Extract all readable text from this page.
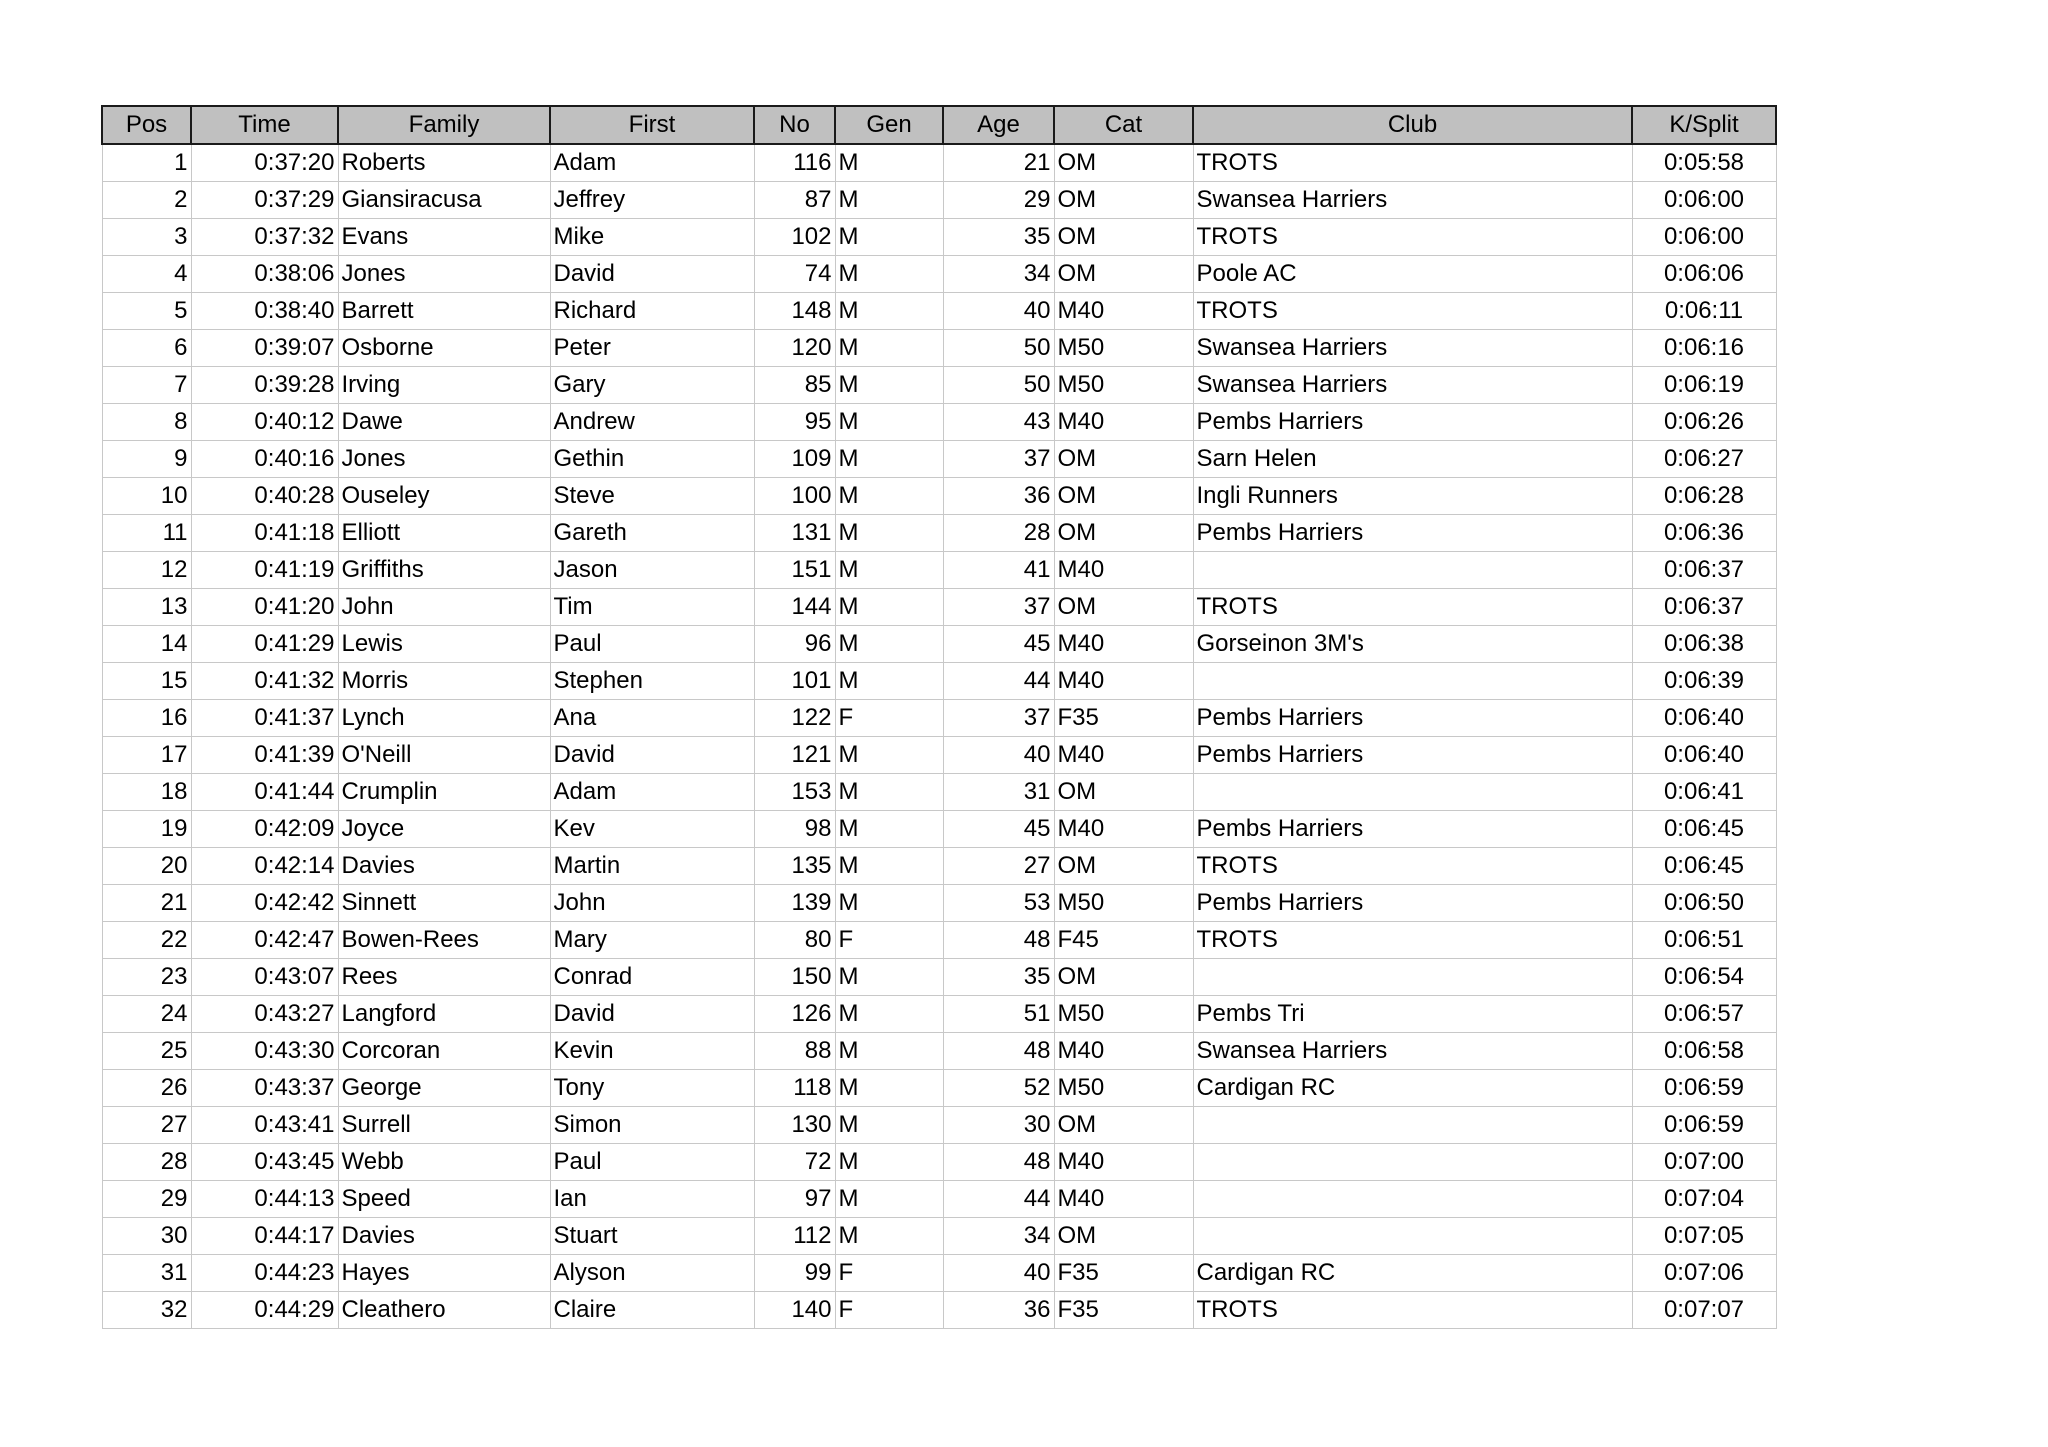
Pos	Time	Family	First	No	Gen	Age	Cat	Club	K/Split
1	0:37:20	Roberts	Adam	116	M	21	OM	TROTS	0:05:58
2	0:37:29	Giansiracusa	Jeffrey	87	M	29	OM	Swansea Harriers	0:06:00
3	0:37:32	Evans	Mike	102	M	35	OM	TROTS	0:06:00
4	0:38:06	Jones	David	74	M	34	OM	Poole AC	0:06:06
5	0:38:40	Barrett	Richard	148	M	40	M40	TROTS	0:06:11
6	0:39:07	Osborne	Peter	120	M	50	M50	Swansea Harriers	0:06:16
7	0:39:28	Irving	Gary	85	M	50	M50	Swansea Harriers	0:06:19
8	0:40:12	Dawe	Andrew	95	M	43	M40	Pembs Harriers	0:06:26
9	0:40:16	Jones	Gethin	109	M	37	OM	Sarn Helen	0:06:27
10	0:40:28	Ouseley	Steve	100	M	36	OM	Ingli Runners	0:06:28
11	0:41:18	Elliott	Gareth	131	M	28	OM	Pembs Harriers	0:06:36
12	0:41:19	Griffiths	Jason	151	M	41	M40		0:06:37
13	0:41:20	John	Tim	144	M	37	OM	TROTS	0:06:37
14	0:41:29	Lewis	Paul	96	M	45	M40	Gorseinon 3M's	0:06:38
15	0:41:32	Morris	Stephen	101	M	44	M40		0:06:39
16	0:41:37	Lynch	Ana	122	F	37	F35	Pembs Harriers	0:06:40
17	0:41:39	O'Neill	David	121	M	40	M40	Pembs Harriers	0:06:40
18	0:41:44	Crumplin	Adam	153	M	31	OM		0:06:41
19	0:42:09	Joyce	Kev	98	M	45	M40	Pembs Harriers	0:06:45
20	0:42:14	Davies	Martin	135	M	27	OM	TROTS	0:06:45
21	0:42:42	Sinnett	John	139	M	53	M50	Pembs Harriers	0:06:50
22	0:42:47	Bowen-Rees	Mary	80	F	48	F45	TROTS	0:06:51
23	0:43:07	Rees	Conrad	150	M	35	OM		0:06:54
24	0:43:27	Langford	David	126	M	51	M50	Pembs Tri	0:06:57
25	0:43:30	Corcoran	Kevin	88	M	48	M40	Swansea Harriers	0:06:58
26	0:43:37	George	Tony	118	M	52	M50	Cardigan RC	0:06:59
27	0:43:41	Surrell	Simon	130	M	30	OM		0:06:59
28	0:43:45	Webb	Paul	72	M	48	M40		0:07:00
29	0:44:13	Speed	Ian	97	M	44	M40		0:07:04
30	0:44:17	Davies	Stuart	112	M	34	OM		0:07:05
31	0:44:23	Hayes	Alyson	99	F	40	F35	Cardigan RC	0:07:06
32	0:44:29	Cleathero	Claire	140	F	36	F35	TROTS	0:07:07
